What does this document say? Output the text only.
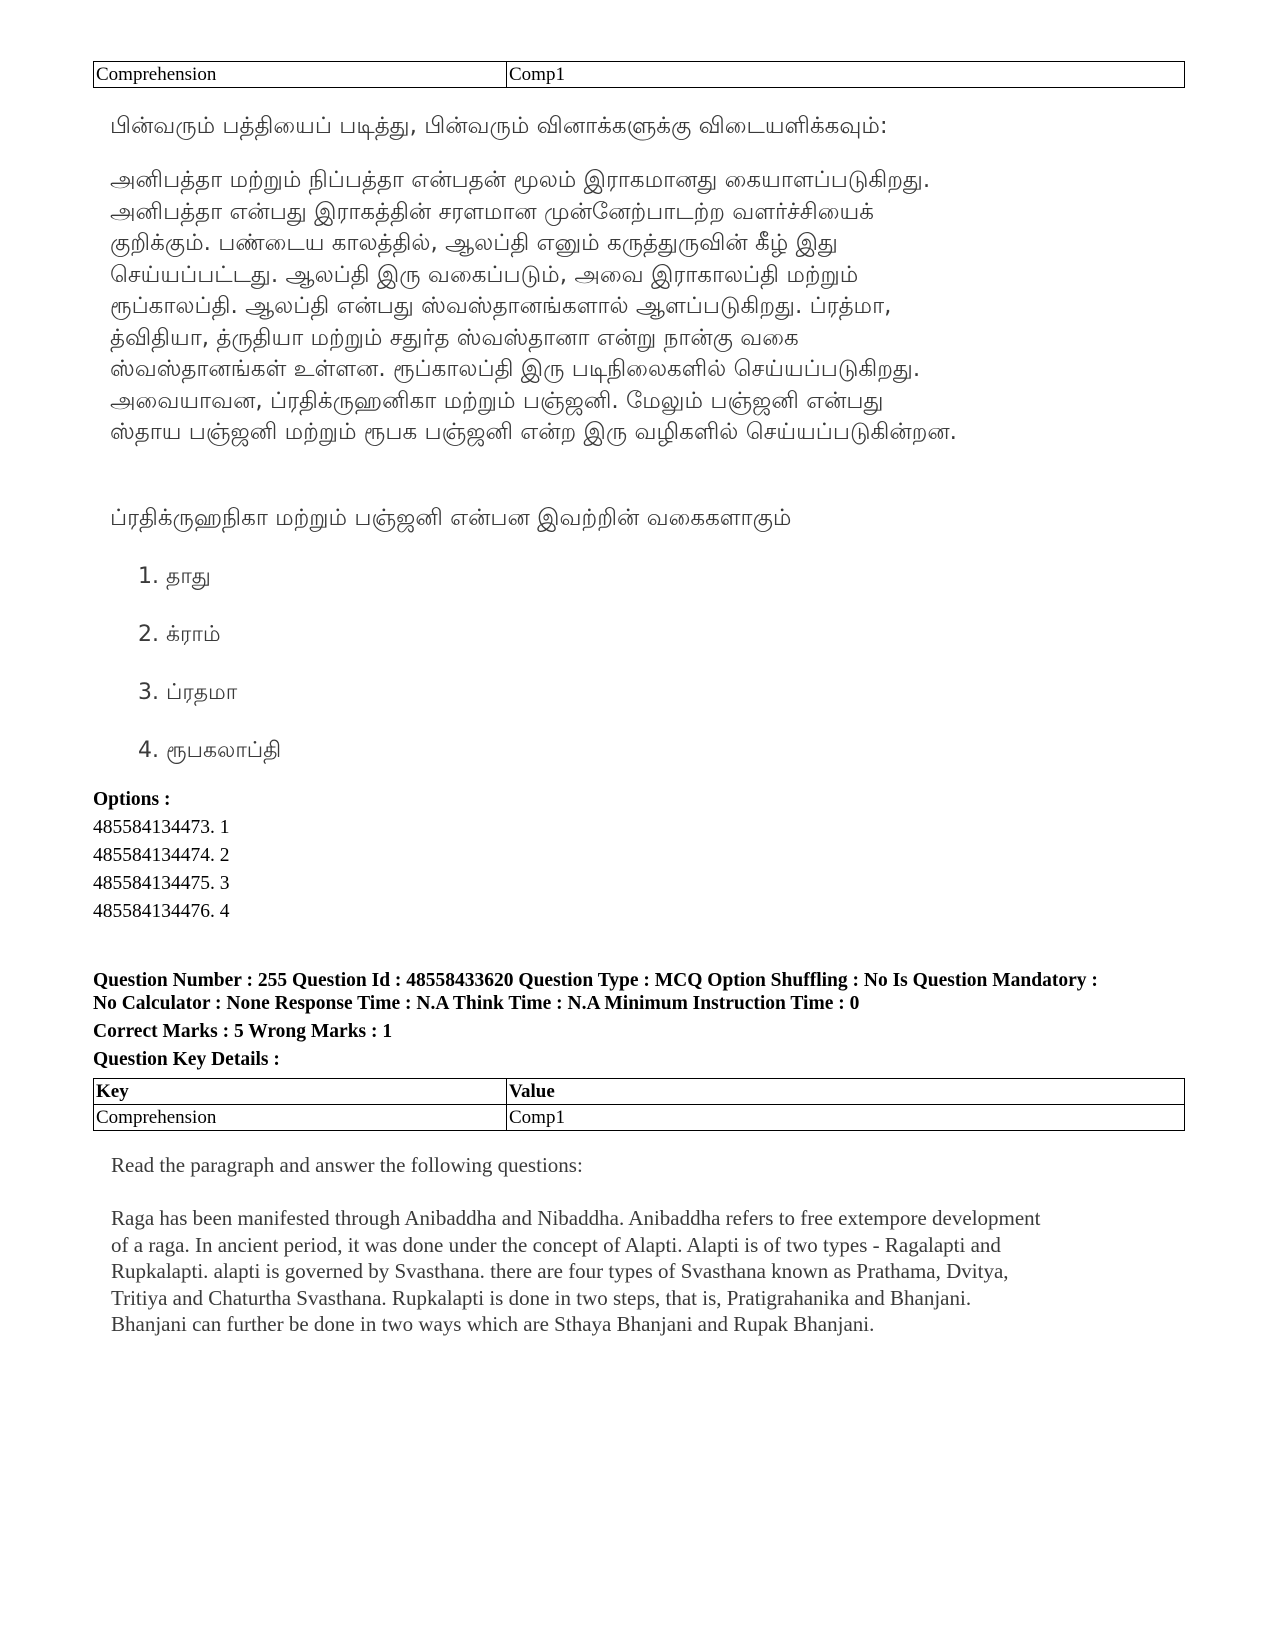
Comprehension	Comp1
பின்வரும் பத்தியைப் படித்து, பின்வரும் வினாக்களுக்கு விடையளிக்கவும்:
அனிபத்தா மற்றும் நிப்பத்தா என்பதன் மூலம் இராகமானது கையாளப்படுகிறது.
அனிபத்தா என்பது இராகத்தின் சரளமான முன்னேற்பாடற்ற வளர்ச்சியைக்
குறிக்கும். பண்டைய காலத்தில், ஆலப்தி எனும் கருத்துருவின் கீழ் இது
செய்யப்பட்டது. ஆலப்தி இரு வகைப்படும், அவை இராகாலப்தி மற்றும்
ரூப்காலப்தி. ஆலப்தி என்பது ஸ்வஸ்தானங்களால் ஆளப்படுகிறது. ப்ரத்மா,
த்விதியா, த்ருதியா மற்றும் சதுர்த ஸ்வஸ்தானா என்று நான்கு வகை
ஸ்வஸ்தானங்கள் உள்ளன. ரூப்காலப்தி இரு படிநிலைகளில் செய்யப்படுகிறது.
அவையாவன, ப்ரதிக்ருஹனிகா மற்றும் பஞ்ஜனி. மேலும் பஞ்ஜனி என்பது
ஸ்தாய பஞ்ஜனி மற்றும் ரூபக பஞ்ஜனி என்ற இரு வழிகளில் செய்யப்படுகின்றன.
ப்ரதிக்ருஹநிகா மற்றும் பஞ்ஜனி என்பன இவற்றின் வகைகளாகும்
1. தாது
2. க்ராம்
3. ப்ரதமா
4. ரூபகலாப்தி
Options :
485584134473. 1
485584134474. 2
485584134475. 3
485584134476. 4
Question Number : 255 Question Id : 48558433620 Question Type : MCQ Option Shuffling : No Is Question Mandatory :
No Calculator : None Response Time : N.A Think Time : N.A Minimum Instruction Time : 0
Correct Marks : 5 Wrong Marks : 1
Question Key Details :
Key	Value
Comprehension	Comp1
Read the paragraph and answer the following questions:
Raga has been manifested through Anibaddha and Nibaddha. Anibaddha refers to free extempore development
of a raga. In ancient period, it was done under the concept of Alapti. Alapti is of two types - Ragalapti and
Rupkalapti. alapti is governed by Svasthana. there are four types of Svasthana known as Prathama, Dvitya,
Tritiya and Chaturtha Svasthana. Rupkalapti is done in two steps, that is, Pratigrahanika and Bhanjani.
Bhanjani can further be done in two ways which are Sthaya Bhanjani and Rupak Bhanjani.
